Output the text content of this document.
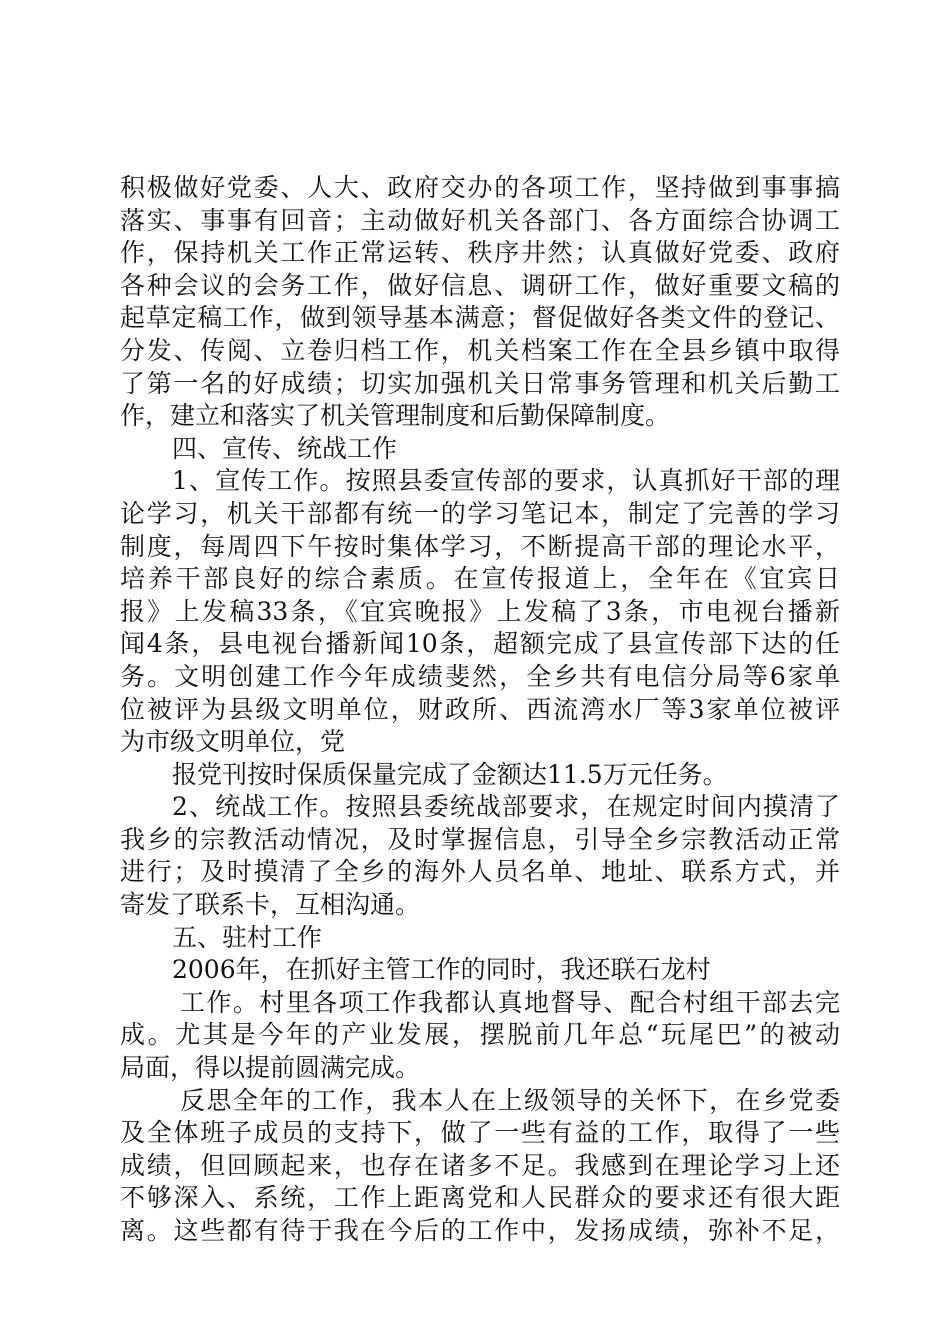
积极做好党委、人大、政府交办的各项工作，坚持做到事事搞
落实、事事有回音；主动做好机关各部门、各方面综合协调工
作，保持机关工作正常运转、秩序井然；认真做好党委、政府
各种会议的会务工作，做好信息、调研工作，做好重要文稿的
起草定稿工作，做到领导基本满意；督促做好各类文件的登记、
分发、传阅、立卷归档工作，机关档案工作在全县乡镇中取得
了第一名的好成绩；切实加强机关日常事务管理和机关后勤工
作，建立和落实了机关管理制度和后勤保障制度。
四、宣传、统战工作
1、宣传工作。按照县委宣传部的要求，认真抓好干部的理
论学习，机关干部都有统一的学习笔记本，制定了完善的学习
制度，每周四下午按时集体学习，不断提高干部的理论水平，
培养干部良好的综合素质。在宣传报道上，全年在《宜宾日
报》上发稿33条，《宜宾晚报》上发稿了3条，市电视台播新
闻4条，县电视台播新闻10条，超额完成了县宣传部下达的任
务。文明创建工作今年成绩斐然，全乡共有电信分局等6家单
位被评为县级文明单位，财政所、西流湾水厂等3家单位被评
为市级文明单位，党
报党刊按时保质保量完成了金额达11.5万元任务。
2、统战工作。按照县委统战部要求，在规定时间内摸清了
我乡的宗教活动情况，及时掌握信息，引导全乡宗教活动正常
进行；及时摸清了全乡的海外人员名单、地址、联系方式，并
寄发了联系卡，互相沟通。
五、驻村工作
2006年，在抓好主管工作的同时，我还联石龙村
工作。村里各项工作我都认真地督导、配合村组干部去完
成。尤其是今年的产业发展，摆脱前几年总“玩尾巴”的被动
局面，得以提前圆满完成。
反思全年的工作，我本人在上级领导的关怀下，在乡党委
及全体班子成员的支持下，做了一些有益的工作，取得了一些
成绩，但回顾起来，也存在诸多不足。我感到在理论学习上还
不够深入、系统，工作上距离党和人民群众的要求还有很大距
离。这些都有待于我在今后的工作中，发扬成绩，弥补不足，
